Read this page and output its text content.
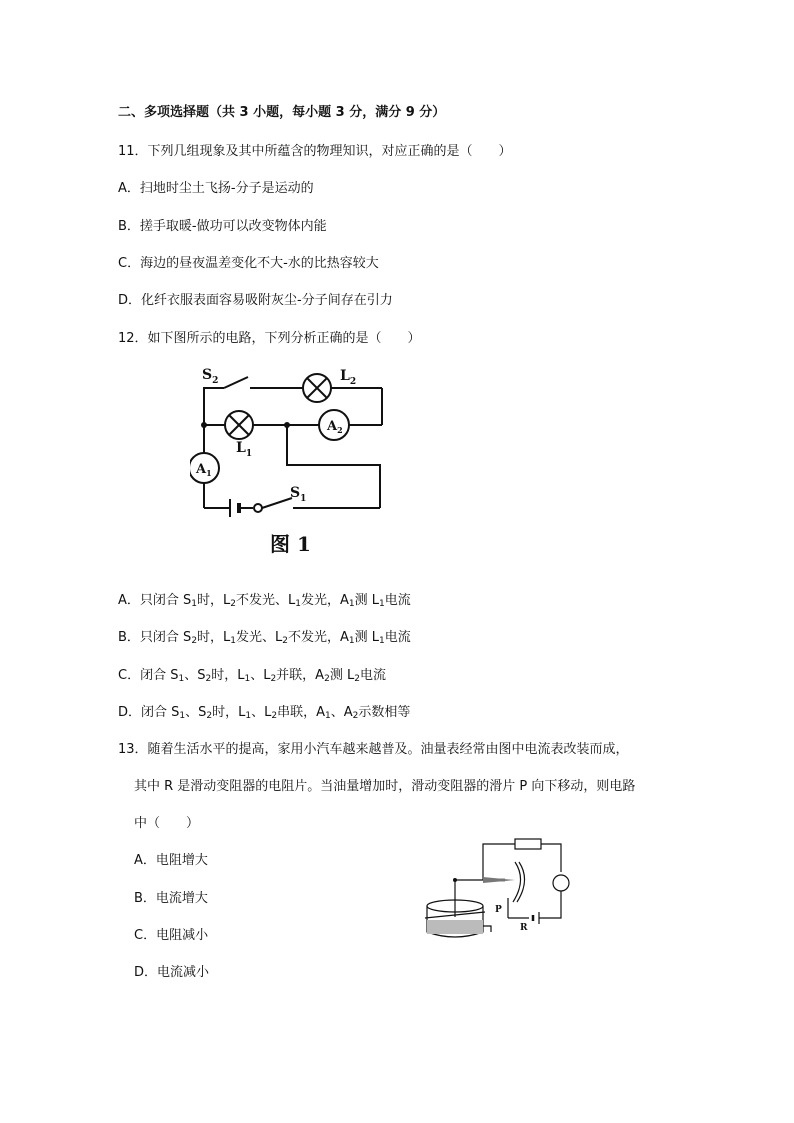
二、多项选择题（共 3 小题，每小题 3 分，满分 9 分）
11．下列几组现象及其中所蕴含的物理知识，对应正确的是（　　）
A．扫地时尘土飞扬-分子是运动的
B．搓手取暖-做功可以改变物体内能
C．海边的昼夜温差变化不大-水的比热容较大
D．化纤衣服表面容易吸附灰尘-分子间存在引力
12．如下图所示的电路，下列分析正确的是（　　）
$S_2$	$L_2$
$L_1$
$A_2$
$A_1$
$S_1$
图 1
A．只闭合 $S_1$时，$L_2$不发光、$L_1$发光，$A_1$测 $L_1$电流
B．只闭合 $S_2$时，$L_1$发光、$L_2$不发光，$A_1$测 $L_1$电流
C．闭合 $S_1$、$S_2$时，$L_1$、$L_2$并联，$A_2$测 $L_2$电流
D．闭合 $S_1$、$S_2$时，$L_1$、$L_2$串联，$A_1$、$A_2$示数相等
13．随着生活水平的提高，家用小汽车越来越普及。油量表经常由图中电流表改装而成，
其中 R 是滑动变阻器的电阻片。当油量增加时，滑动变阻器的滑片 P 向下移动，则电路
中（　　）
A．电阻增大
B．电流增大
C．电阻减小
D．电流减小
P
R
